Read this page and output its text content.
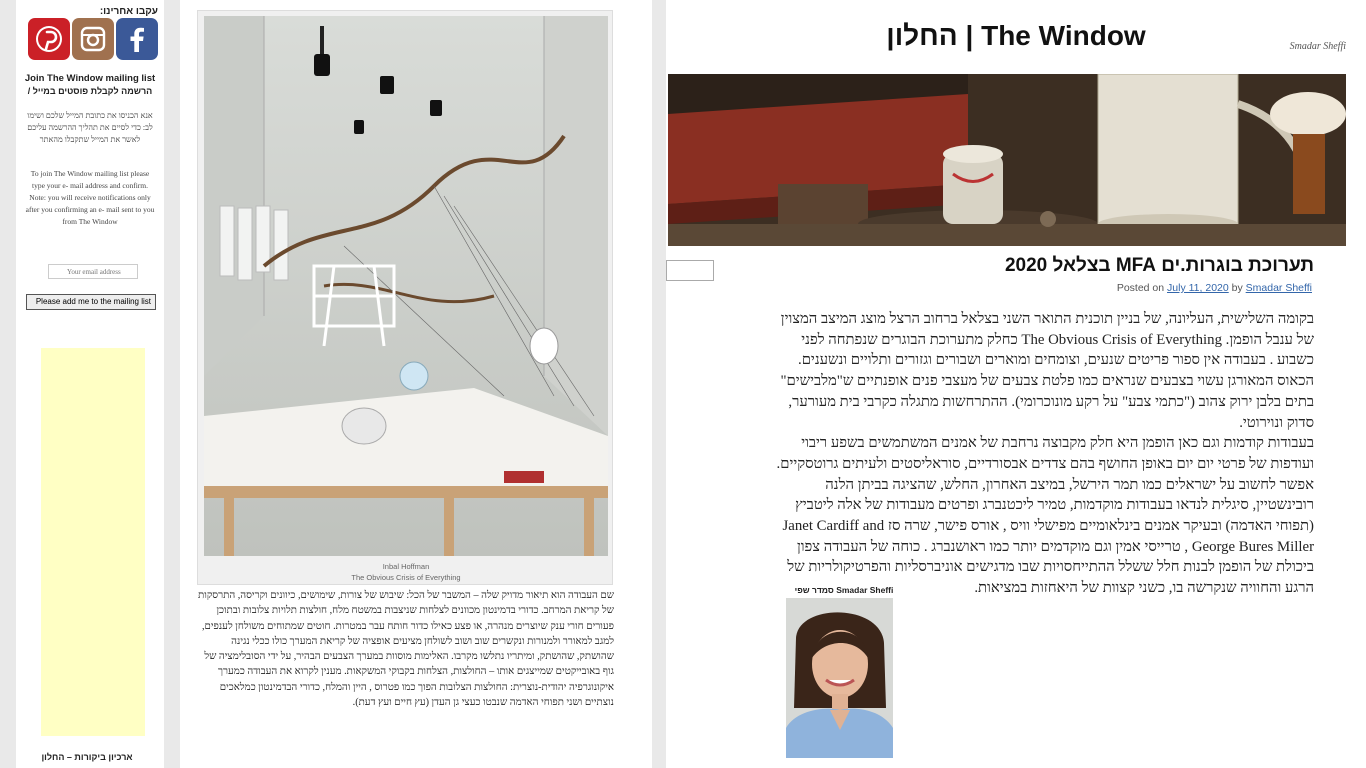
עקבו אחרינו:
Join The Window mailing list
הרשמה לקבלת פוסטים במייל /
אנא הכניסו את כתובת המייל שלכם ושימו לב: כדי לסיים את תהליך ההרשמה עליכם לאשר את המייל שתקבלו מהאתר
To join The Window mailing list please type your e- mail address and confirm. Note: you will receive notifications only after you confirming an e- mail sent to you from The Window
Your email address
Please add me to the mailing list
ארכיון ביקורות – החלון
Inbal Hoffman
The Obvious Crisis of Everything

שם העבודה הוא תיאור מדויק שלה – המשבר של הכל: שיבוש של צורות, שימושים, כיוונים וקריסה, התרסקות של קריאת המרחב. כדורי בדמינטון מכוונים לצלחות שניצבות במשטח מלח, חולצות תלויות צלובות ובתוכן פעורים חורי ענק שיוצרים מנהרה, או פצע כאילו כדור חותח עבר במטרות. חוטים שמתוחים משולחן לענפים, למגב למאורר ולמנורות ונקשרים שוב ושוב לשולחן מציעים אופציה של קריאת המערך כולו ככלי נגינה שהושתק, שהושתק, ומיתריו נתלשו מקרבו. האלימות מוסוות במערך הצבעים הבהיר, על ידי הסובלימציה של גוף באובייקטים שמייצגים אותו – החולצות, הצלחות בקבוקי המשקאות. מענין לקרוא את העבודה כמערך איקונוגרפיה יהודית-נוצרית: החולצות הצלובות הפוך כמו פטרוס , היין והמלח, כדורי הבדמינטון כמלאכים נוצתיים ושני תפוחי האדמה שנבטו כעצי גן העדן (עץ חיים ועץ דעת).

החלון | The Window	Smadar Sheffi
תערוכת בוגרות.ים MFA בצלאל 2020
Posted on July 11, 2020 by Smadar Sheffi

בקומה השלישית, העליונה, של בניין תוכנית התואר השני בצלאל ברחוב הרצל מוצג המיצב המצוין של ענבל הופמן. The Obvious Crisis of Everything כחלק מתערוכת הבוגרים שנפתחה לפני כשבוע . בעבודה אין ספור פריטים שנעים, וצומחים ומוארים ושבורים וגזורים ותלויים ונשענים. הכאוס המאורגן עשוי בצבעים שנראים כמו פלטת צבעים של מעצבי פנים אופנתיים ש"מלבישים" בתים בלבן ירוק צהוב ("כתמי צבע" על רקע מונוכרומי). ההתרחשות מתגלה כקרבי בית מעורער, סדוק ונוירוטי.
בעבודות קודמות וגם כאן הופמן היא חלק מקבוצה נרחבת של אמנים המשתמשים בשפע ריבוי ועודפות של פרטי יום יום באופן החושף בהם צדדים אבסורדיים, סוראליסטים ולעיתים גרוטסקיים. אפשר לחשוב על ישראלים כמו תמר הירשל, במיצב האחרון, החלש, שהציגה בביתן הלנה רובינשטיין, סיגלית לנדאו בעבודות מוקדמות, טמיר ליכטנברג ופרטים מעבודות של אלה ליטביץ (תפוחי האדמה) ובעיקר אמנים בינלאומיים מפישלי וויס , אורס פישר, שרה סז Janet Cardiff and George Bures Miller , טרייסי אמין וגם מוקדמים יותר כמו ראושנברג . כוחה של העבודה צפון ביכולת של הופמן לבנות חלל ששלל ההתייחסויות שבו מדגישים אוניברסליות והפרטיקולריות של הרגע והחוויה שנקרשה בו, כשני קצוות של היאחזות במציאות.

סמדר שפי Smadar Sheffi
